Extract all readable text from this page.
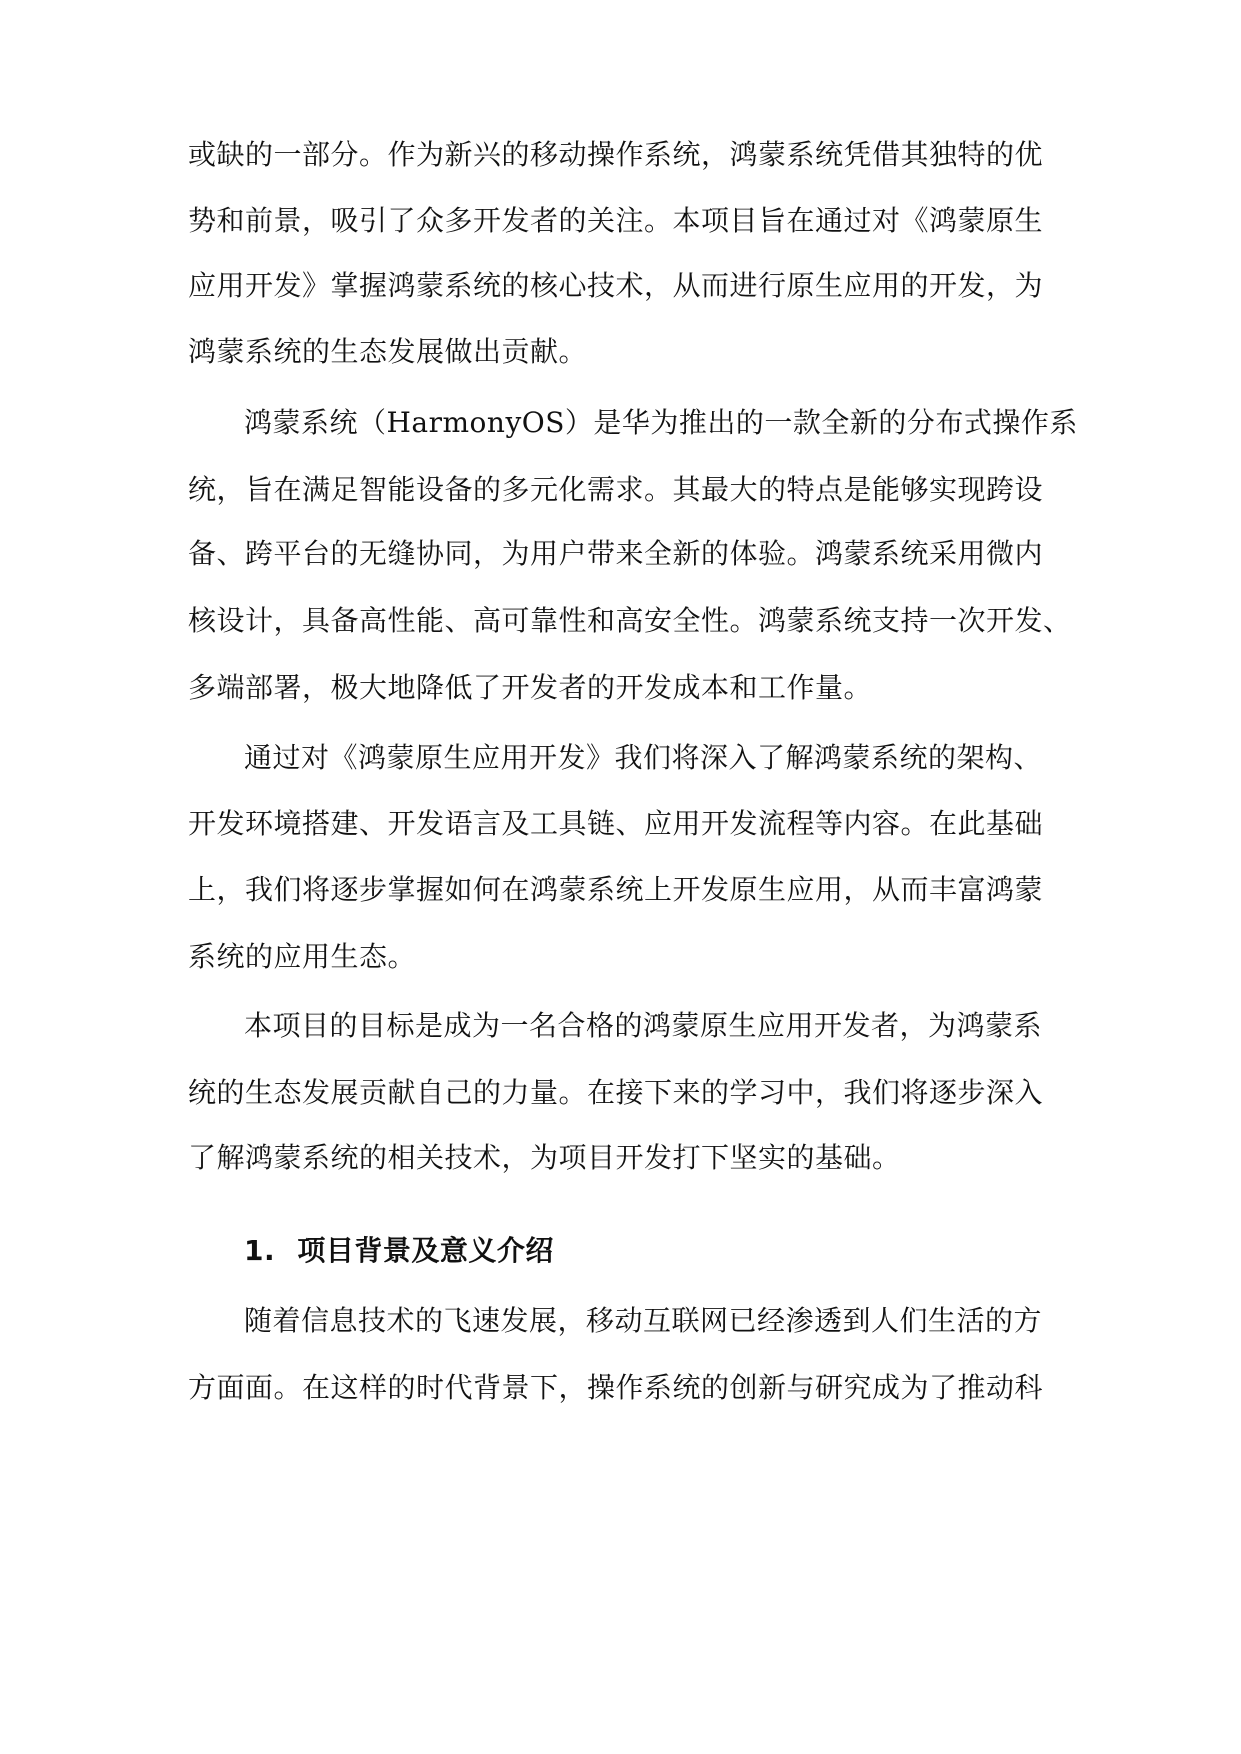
或缺的一部分。作为新兴的移动操作系统，鸿蒙系统凭借其独特的优
势和前景，吸引了众多开发者的关注。本项目旨在通过对《鸿蒙原生
应用开发》掌握鸿蒙系统的核心技术，从而进行原生应用的开发，为
鸿蒙系统的生态发展做出贡献。
鸿蒙系统（HarmonyOS）是华为推出的一款全新的分布式操作系
统，旨在满足智能设备的多元化需求。其最大的特点是能够实现跨设
备、跨平台的无缝协同，为用户带来全新的体验。鸿蒙系统采用微内
核设计，具备高性能、高可靠性和高安全性。鸿蒙系统支持一次开发、
多端部署，极大地降低了开发者的开发成本和工作量。
通过对《鸿蒙原生应用开发》我们将深入了解鸿蒙系统的架构、
开发环境搭建、开发语言及工具链、应用开发流程等内容。在此基础
上，我们将逐步掌握如何在鸿蒙系统上开发原生应用，从而丰富鸿蒙
系统的应用生态。
本项目的目标是成为一名合格的鸿蒙原生应用开发者，为鸿蒙系
统的生态发展贡献自己的力量。在接下来的学习中，我们将逐步深入
了解鸿蒙系统的相关技术，为项目开发打下坚实的基础。
1. 项目背景及意义介绍
随着信息技术的飞速发展，移动互联网已经渗透到人们生活的方
方面面。在这样的时代背景下，操作系统的创新与研究成为了推动科
